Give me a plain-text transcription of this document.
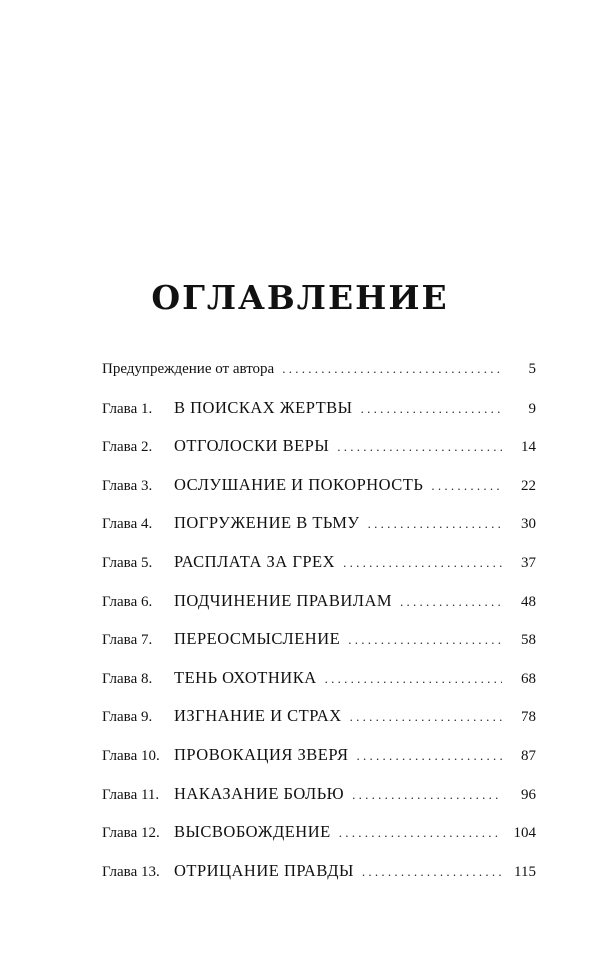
ОГЛАВЛЕНИЕ
Предупреждение от автора . . .	5
Глава 1.	В ПОИСКАХ ЖЕРТВЫ . . .	9
Глава 2.	ОТГОЛОСКИ ВЕРЫ . . .	14
Глава 3.	ОСЛУШАНИЕ И ПОКОРНОСТЬ . . .	22
Глава 4.	ПОГРУЖЕНИЕ В ТЬМУ . . .	30
Глава 5.	РАСПЛАТА ЗА ГРЕХ . . .	37
Глава 6.	ПОДЧИНЕНИЕ ПРАВИЛАМ . . .	48
Глава 7.	ПЕРЕОСМЫСЛЕНИЕ . . .	58
Глава 8.	ТЕНЬ ОХОТНИКА . . .	68
Глава 9.	ИЗГНАНИЕ И СТРАХ . . .	78
Глава 10. ПРОВОКАЦИЯ ЗВЕРЯ . . .	87
Глава 11. НАКАЗАНИЕ БОЛЬЮ . . .	96
Глава 12. ВЫСВОБОЖДЕНИЕ . . .	104
Глава 13. ОТРИЦАНИЕ ПРАВДЫ . . .	115
